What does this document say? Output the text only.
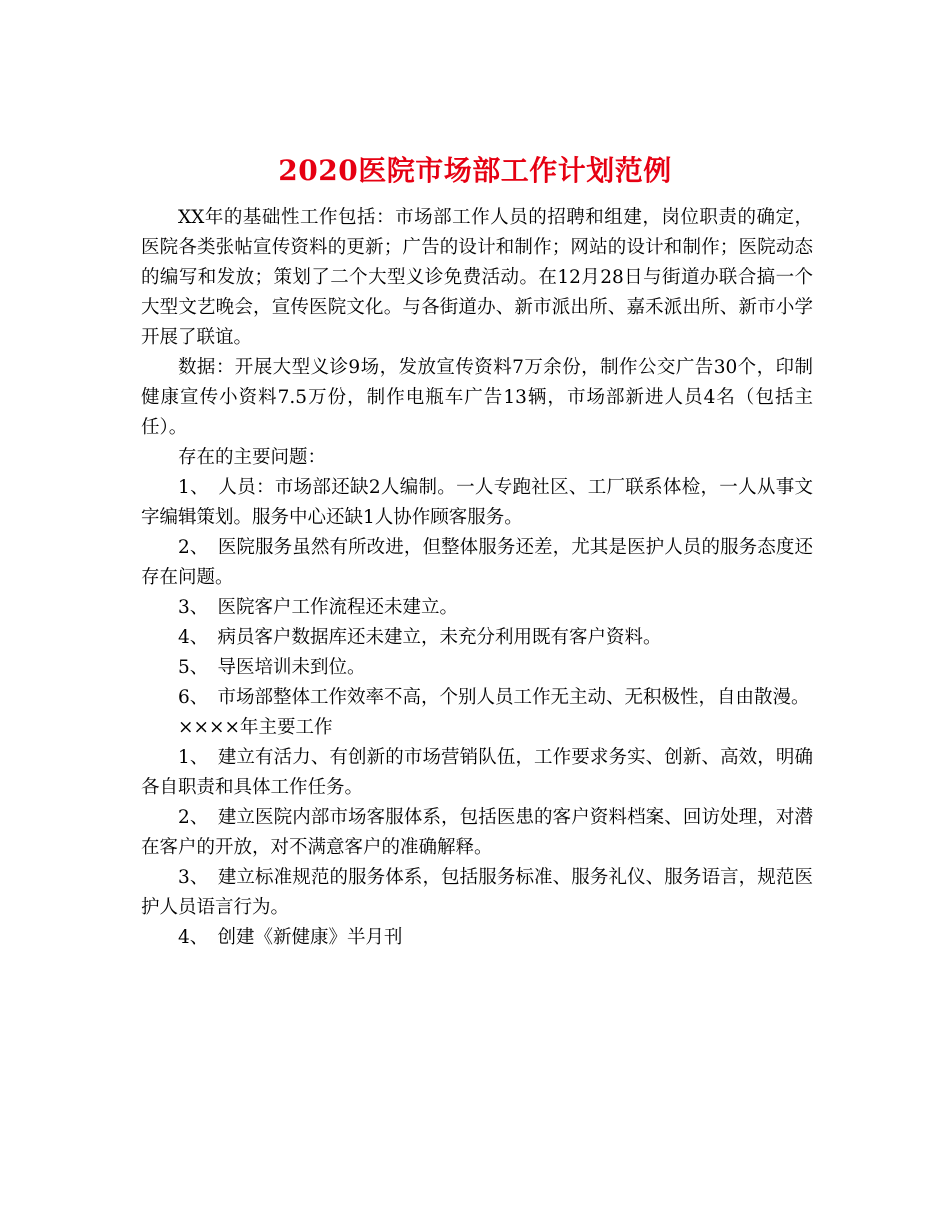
2020医院市场部工作计划范例

XX年的基础性工作包括：市场部工作人员的招聘和组建，岗位职责的确定，医院各类张帖宣传资料的更新；广告的设计和制作；网站的设计和制作；医院动态的编写和发放；策划了二个大型义诊免费活动。在12月28日与街道办联合搞一个大型文艺晚会，宣传医院文化。与各街道办、新市派出所、嘉禾派出所、新市小学开展了联谊。

数据：开展大型义诊9场，发放宣传资料7万余份，制作公交广告30个，印制健康宣传小资料7.5万份，制作电瓶车广告13辆，市场部新进人员4名（包括主任）。

存在的主要问题：

1、　人员：市场部还缺2人编制。一人专跑社区、工厂联系体检，一人从事文字编辑策划。服务中心还缺1人协作顾客服务。

2、　医院服务虽然有所改进，但整体服务还差，尤其是医护人员的服务态度还存在问题。

3、　医院客户工作流程还未建立。

4、　病员客户数据库还未建立，未充分利用既有客户资料。

5、　导医培训未到位。

6、　市场部整体工作效率不高，个别人员工作无主动、无积极性，自由散漫。

××××年主要工作

1、　建立有活力、有创新的市场营销队伍，工作要求务实、创新、高效，明确各自职责和具体工作任务。

2、　建立医院内部市场客服体系，包括医患的客户资料档案、回访处理，对潜在客户的开放，对不满意客户的准确解释。

3、　建立标准规范的服务体系，包括服务标准、服务礼仪、服务语言，规范医护人员语言行为。

4、　创建《新健康》半月刊
